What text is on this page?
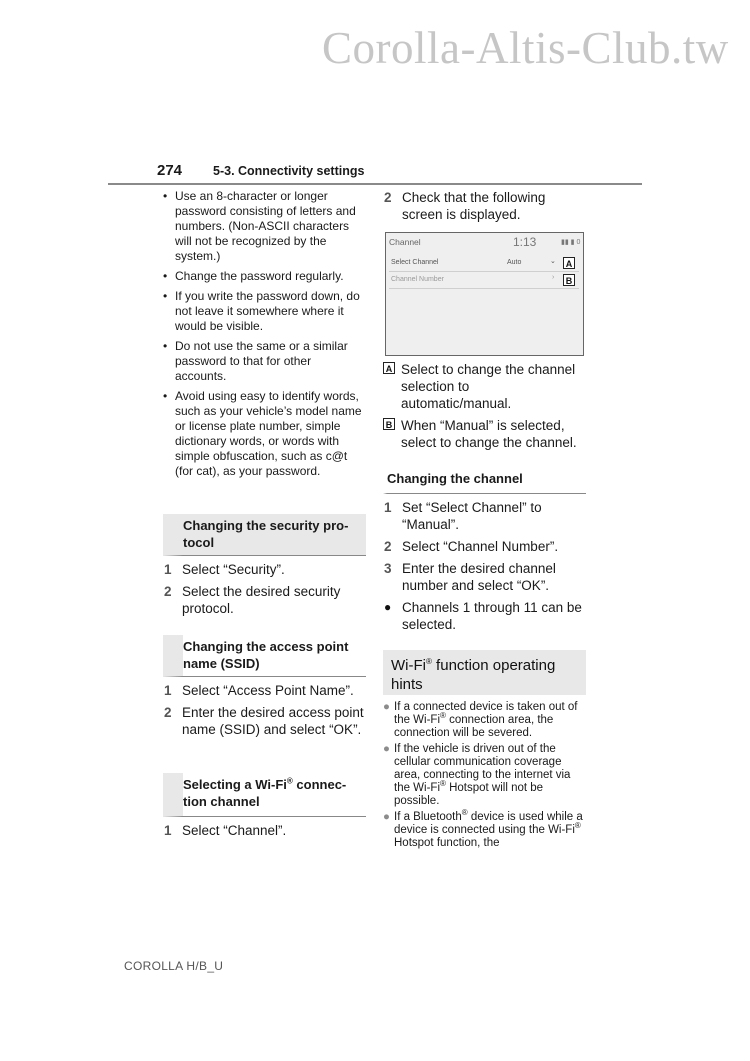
Corolla-Altis-Club.tw
274 5-3. Connectivity settings
• Use an 8-character or longer password consisting of letters and numbers. (Non-ASCII characters will not be recognized by the system.)
• Change the password regularly.
• If you write the password down, do not leave it somewhere where it would be visible.
• Do not use the same or a similar password to that for other accounts.
• Avoid using easy to identify words, such as your vehicle’s model name or license plate number, simple dictionary words, or words with simple obfuscation, such as c@t (for cat), as your password.
Changing the security pro-
tocol
1 Select “Security”.
2 Select the desired security protocol.
Changing the access point
name (SSID)
1 Select “Access Point Name”.
2 Enter the desired access point name (SSID) and select “OK”.
Selecting a Wi-Fi® connec-
tion channel
1 Select “Channel”.
2 Check that the following screen is displayed.
Channel	1:13	▮▮ ▮ 0
Select Channel	Auto	⌄	A
Channel Number	›	B
A Select to change the channel selection to automatic/manual.
B When “Manual” is selected, select to change the channel.
Changing the channel
1 Set “Select Channel” to “Manual”.
2 Select “Channel Number”.
3 Enter the desired channel number and select “OK”.
● Channels 1 through 11 can be selected.
Wi-Fi® function operating
hints
● If a connected device is taken out of the Wi-Fi® connection area, the connection will be severed.
● If the vehicle is driven out of the cellular communication coverage area, connecting to the internet via the Wi-Fi® Hotspot will not be possible.
● If a Bluetooth® device is used while a device is connected using the Wi-Fi® Hotspot function, the
COROLLA H/B_U
